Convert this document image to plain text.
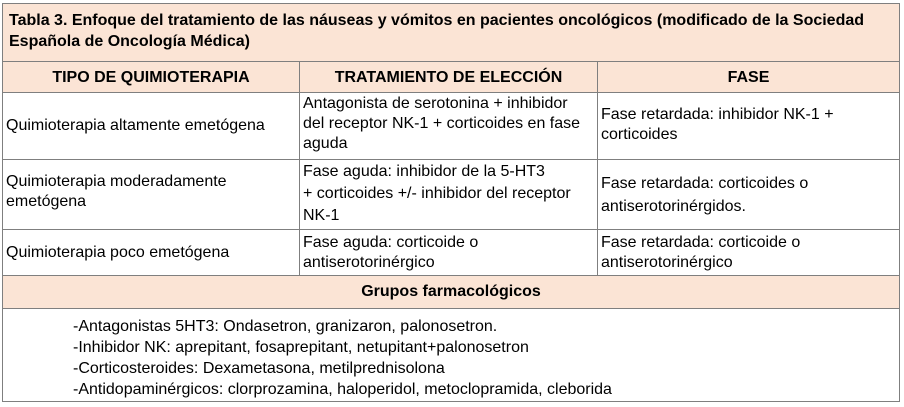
Tabla 3. Enfoque del tratamiento de las náuseas y vómitos en pacientes oncológicos (modificado de la Sociedad Española de Oncología Médica)
TIPO DE QUIMIOTERAPIA	TRATAMIENTO DE ELECCIÓN	FASE
Quimioterapia altamente emetógena
Antagonista de serotonina + inhibidor
del receptor NK-1 + corticoides en fase
aguda
Fase retardada: inhibidor NK-1 +
corticoides
Quimioterapia moderadamente
emetógena
Fase aguda: inhibidor de la 5-HT3
+ corticoides +/- inhibidor del receptor
NK-1
Fase retardada: corticoides o
antiserotorinérgidos.
Quimioterapia poco emetógena
Fase aguda: corticoide o
antiserotorinérgico
Fase retardada: corticoide o
antiserotorinérgico
Grupos farmacológicos
-Antagonistas 5HT3: Ondasetron, granizaron, palonosetron.
-Inhibidor NK: aprepitant, fosaprepitant, netupitant+palonosetron
-Corticosteroides: Dexametasona, metilprednisolona
-Antidopaminérgicos: clorprozamina, haloperidol, metoclopramida, cleborida
